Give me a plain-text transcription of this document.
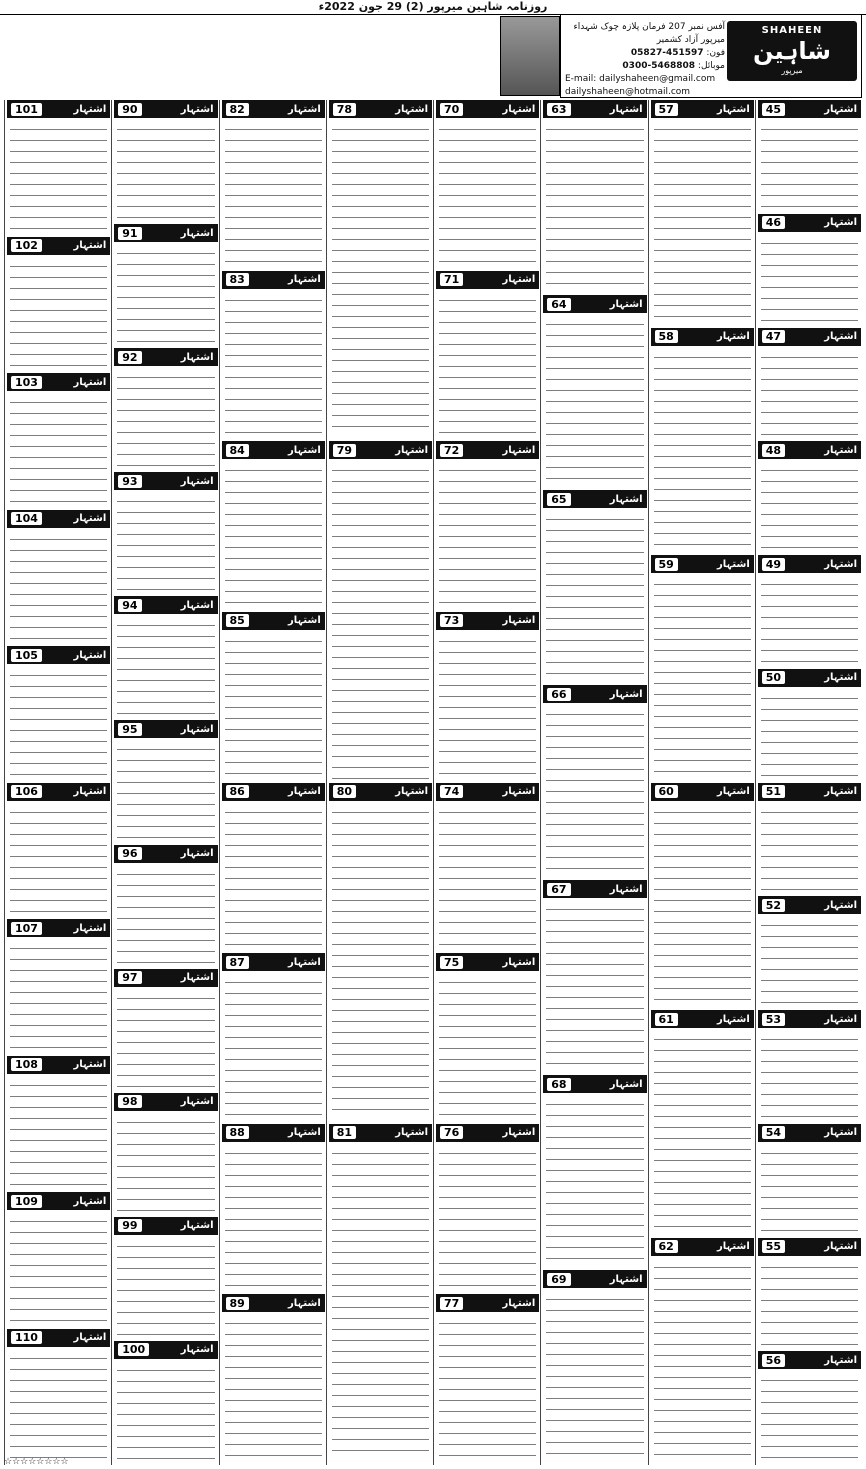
روزنامہ شاہین میرپور (2) 29 جون 2022ء
SHAHEEN
شاہین
میرپور
آفس نمبر 207 فرمان پلازہ چوک شہداء میرپور آزاد کشمیر
فون: 05827-451597
موبائل: 0300-5468808
E-mail: dailyshaheen@gmail.com
dailyshaheen@hotmail.com
45	اشتہار
46	اشتہار
47	اشتہار
48	اشتہار
49	اشتہار
50	اشتہار
51	اشتہار
52	اشتہار
53	اشتہار
54	اشتہار
55	اشتہار
56	اشتہار
57	اشتہار
58	اشتہار
59	اشتہار
60	اشتہار
61	اشتہار
62	اشتہار
63	اشتہار
64	اشتہار
65	اشتہار
66	اشتہار
67	اشتہار
68	اشتہار
69	اشتہار
70	اشتہار
71	اشتہار
72	اشتہار
73	اشتہار
74	اشتہار
75	اشتہار
76	اشتہار
77	اشتہار
78	اشتہار
79	اشتہار
80	اشتہار
81	اشتہار
82	اشتہار
83	اشتہار
84	اشتہار
85	اشتہار
86	اشتہار
87	اشتہار
88	اشتہار
89	اشتہار
90	اشتہار
91	اشتہار
92	اشتہار
93	اشتہار
94	اشتہار
95	اشتہار
96	اشتہار
97	اشتہار
98	اشتہار
99	اشتہار
100	اشتہار
101	اشتہار
102	اشتہار
103	اشتہار
104	اشتہار
105	اشتہار
106	اشتہار
107	اشتہار
108	اشتہار
109	اشتہار
110	اشتہار
☆☆☆☆☆☆☆☆
